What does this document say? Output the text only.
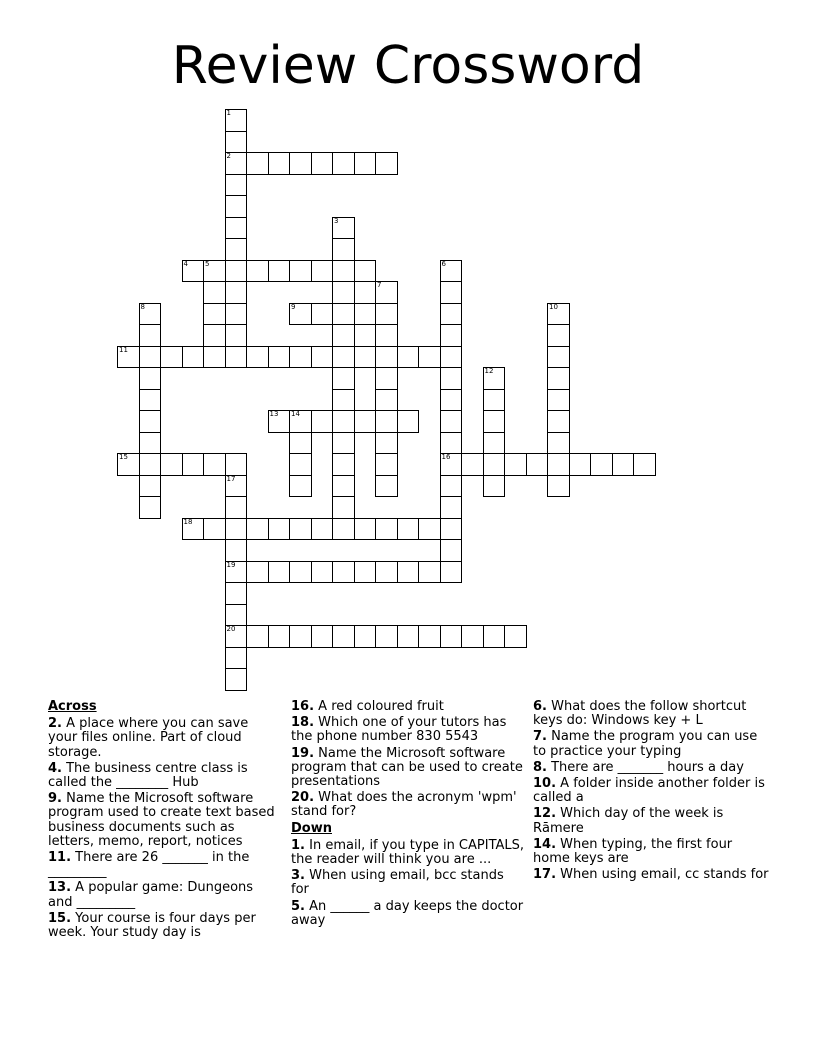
Review Crossword
1
2
3
4 5	6
16
7
8	9	10
11
12
13 14
15
17
19
20
18
Across
2. A place where you can save your files online. Part of cloud storage.
4. The business centre class is called the ________ Hub
9. Name the Microsoft software program used to create text based business documents such as letters, memo, report, notices
11. There are 26 _______ in the _________
13. A popular game: Dungeons and _________
15. Your course is four days per week. Your study day is
16. A red coloured fruit
18. Which one of your tutors has the phone number 830 5543
19. Name the Microsoft software program that can be used to create presentations
20. What does the acronym 'wpm' stand for?
Down
1. In email, if you type in CAPITALS, the reader will think you are ...
3. When using email, bcc stands for
5. An ______ a day keeps the doctor away
6. What does the follow shortcut keys do: Windows key + L
7. Name the program you can use to practice your typing
8. There are _______ hours a day
10. A folder inside another folder is called a
12. Which day of the week is Rāmere
14. When typing, the first four home keys are
17. When using email, cc stands for
